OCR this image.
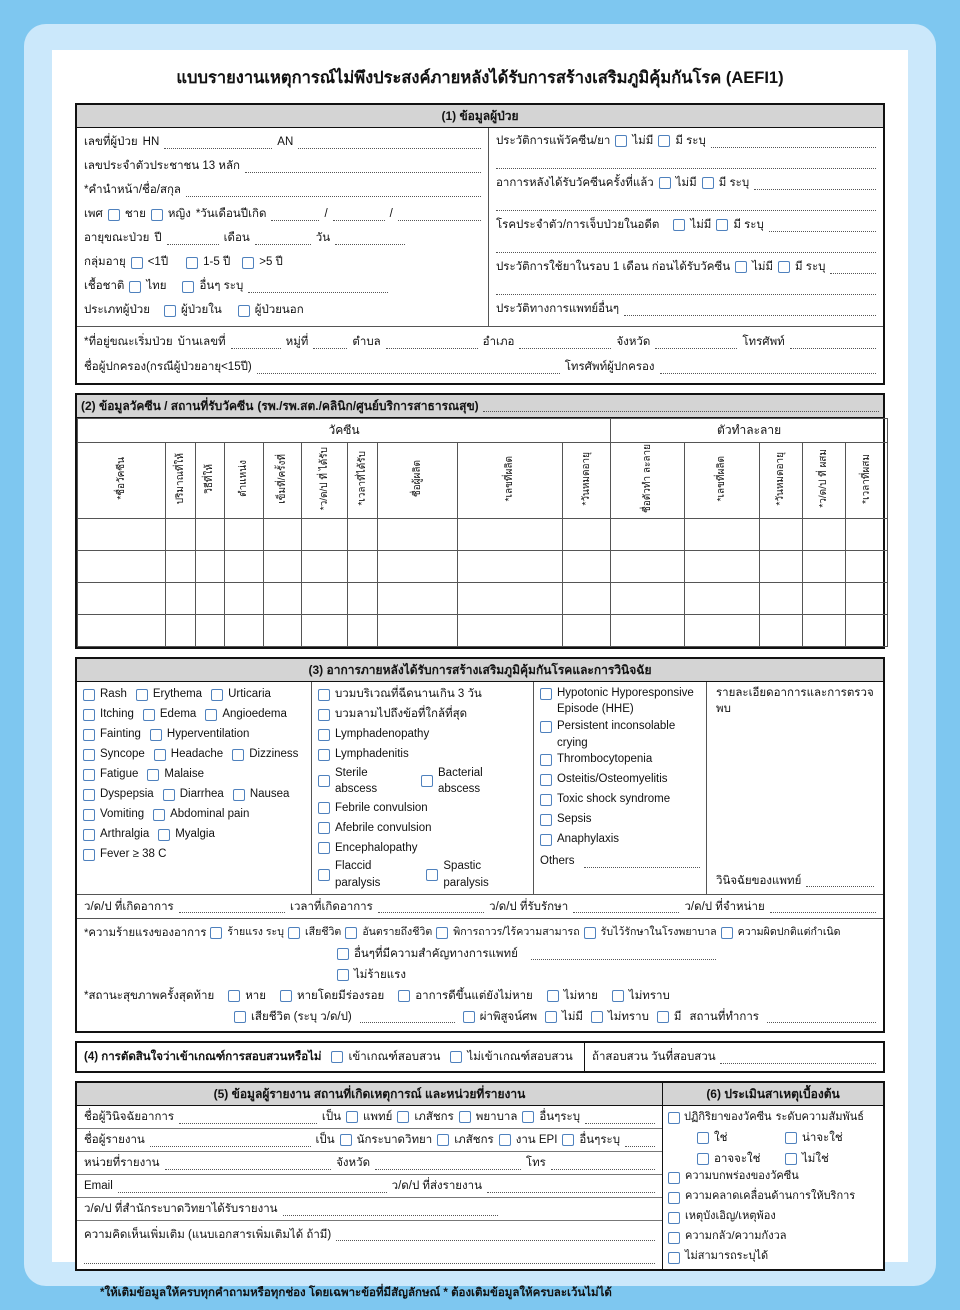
แบบรายงานเหตุการณ์ไม่พึงประสงค์ภายหลังได้รับการสร้างเสริมภูมิคุ้มกันโรค (AEFI1)
(1) ข้อมูลผู้ป่วย
เลขที่ผู้ป่วย HN	AN
เลขประจำตัวประชาชน 13 หลัก
*คำนำหน้า/ชื่อ/สกุล
เพศ ชาย หญิง *วันเดือนปีเกิด	/	/
อายุขณะป่วย ปี	เดือน	วัน
กลุ่มอายุ <1ปี	1-5 ปี	>5 ปี
เชื้อชาติ ไทย	อื่นๆ ระบุ
ประเภทผู้ป่วย	ผู้ป่วยใน	ผู้ป่วยนอก
ประวัติการแพ้วัคซีน/ยา ไม่มี มี ระบุ
อาการหลังได้รับวัคซีนครั้งที่แล้ว ไม่มี มี ระบุ
โรคประจำตัว/การเจ็บป่วยในอดีต	ไม่มี มี ระบุ
ประวัติการใช้ยาในรอบ 1 เดือน ก่อนได้รับวัคซีน ไม่มี มี ระบุ
ประวัติทางการแพทย์อื่นๆ
*ที่อยู่ขณะเริ่มป่วย บ้านเลขที่	หมู่ที่	ตำบล	อำเภอ	จังหวัด	โทรศัพท์
ชื่อผู้ปกครอง(กรณีผู้ป่วยอายุ<15ปี)	โทรศัพท์ผู้ปกครอง
(2) ข้อมูลวัคซีน / สถานที่รับวัคซีน (รพ./รพ.สต./คลินิก/ศูนย์บริการสาธารณสุข)
วัคซีน										ตัวทำละลาย				
*ชื่อวัคซีน	ปริมาณที่ให้	วิธีที่ให้	ตำแหน่ง	เข็มที่/ครั้งที่	*ว/ด/ป ที่ ได้รับ	*เวลาที่ได้รับ	ชื่อผู้ผลิต	*เลขที่ผลิต	*วันหมดอายุ	ชื่อตัวทำ ละลาย	*เลขที่ผลิต	*วันหมดอายุ	*ว/ด/ป ที่ ผสม	*เวลาที่ผสม

(3) อาการภายหลังได้รับการสร้างเสริมภูมิคุ้มกันโรคและการวินิจฉัย
Rash Erythema Urticaria
Itching Edema Angioedema
Fainting Hyperventilation
Syncope Headache Dizziness
Fatigue Malaise
Dyspepsia Diarrhea Nausea
Vomiting Abdominal pain
Arthralgia Myalgia
Fever ≥ 38 C
บวมบริเวณที่ฉีดนานเกิน 3 วัน
บวมลามไปถึงข้อที่ใกล้ที่สุด
Lymphadenopathy
Lymphadenitis
Sterile abscess
Bacterial abscess
Febrile convulsion
Afebrile convulsion
Encephalopathy
Flaccid paralysis
Spastic paralysis
Hypotonic Hyporesponsive Episode (HHE)
Persistent inconsolable crying
Thrombocytopenia
Osteitis/Osteomyelitis
Toxic shock syndrome
Sepsis
Anaphylaxis
Others
รายละเอียดอาการและการตรวจพบ
วินิจฉัยของแพทย์
ว/ด/ป ที่เกิดอาการ	เวลาที่เกิดอาการ	ว/ด/ป ที่รับรักษา	ว/ด/ป ที่จำหน่าย
*ความร้ายแรงของอาการ ร้ายแรง ระบุ เสียชีวิต อันตรายถึงชีวิต พิการถาวร/ไร้ความสามารถ รับไว้รักษาในโรงพยาบาล ความผิดปกติแต่กำเนิด
อื่นๆที่มีความสำคัญทางการแพทย์
ไม่ร้ายแรง
*สถานะสุขภาพครั้งสุดท้าย	หาย	หายโดยมีร่องรอย	อาการดีขึ้นแต่ยังไม่หาย	ไม่หาย	ไม่ทราบ
เสียชีวิต (ระบุ ว/ด/ป)	ผ่าพิสูจน์ศพ ไม่มี ไม่ทราบ มี สถานที่ทำการ
(4) การตัดสินใจว่าเข้าเกณฑ์การสอบสวนหรือไม่ เข้าเกณฑ์สอบสวน ไม่เข้าเกณฑ์สอบสวน ถ้าสอบสวน วันที่สอบสวน
(5) ข้อมูลผู้รายงาน สถานที่เกิดเหตุการณ์ และหน่วยที่รายงาน
ชื่อผู้วินิจฉัยอาการ	เป็น แพทย์ เภสัชกร พยาบาล อื่นๆระบุ
ชื่อผู้รายงาน	เป็น นักระบาดวิทยา เภสัชกร งาน EPI อื่นๆระบุ
หน่วยที่รายงาน	จังหวัด	โทร
Email	ว/ด/ป ที่ส่งรายงาน
ว/ด/ป ที่สำนักระบาดวิทยาได้รับรายงาน
ความคิดเห็นเพิ่มเติม (แนบเอกสารเพิ่มเติมได้ ถ้ามี)
(6) ประเมินสาเหตุเบื้องต้น
ปฏิกิริยาของวัคซีน ระดับความสัมพันธ์
ใช่	น่าจะใช่
อาจจะใช่	ไม่ใช่
ความบกพร่องของวัคซีน
ความคลาดเคลื่อนด้านการให้บริการ
เหตุบังเอิญ/เหตุพ้อง
ความกลัว/ความกังวล
ไม่สามารถระบุได้
*ให้เติมข้อมูลให้ครบทุกคำถามหรือทุกช่อง โดยเฉพาะข้อที่มีสัญลักษณ์ * ต้องเติมข้อมูลให้ครบละเว้นไม่ได้
